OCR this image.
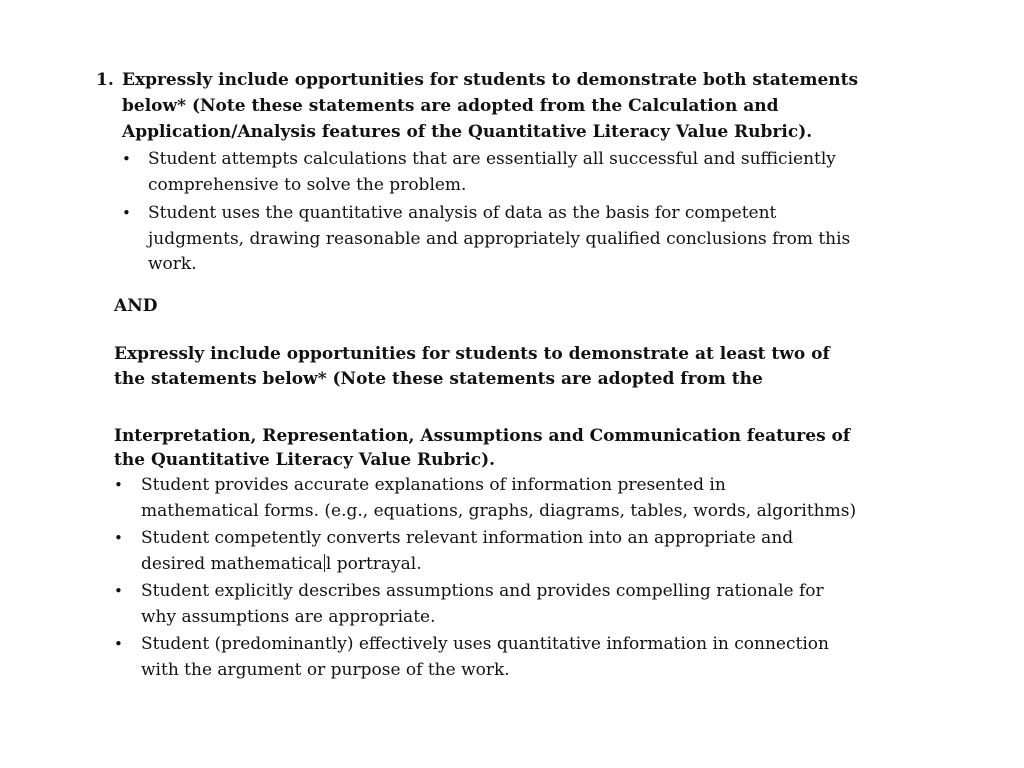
1. Expressly include opportunities for students to demonstrate both statements
below* (Note these statements are adopted from the Calculation and
Application/Analysis features of the Quantitative Literacy Value Rubric).
• Student attempts calculations that are essentially all successful and sufficiently
comprehensive to solve the problem.
• Student uses the quantitative analysis of data as the basis for competent
judgments, drawing reasonable and appropriately qualified conclusions from this
work.
AND
Expressly include opportunities for students to demonstrate at least two of
the statements below* (Note these statements are adopted from the
Interpretation, Representation, Assumptions and Communication features of
the Quantitative Literacy Value Rubric).
• Student provides accurate explanations of information presented in
mathematical forms. (e.g., equations, graphs, diagrams, tables, words, algorithms)
• Student competently converts relevant information into an appropriate and
desired mathematica l portrayal.
• Student explicitly describes assumptions and provides compelling rationale for
why assumptions are appropriate.
• Student (predominantly) effectively uses quantitative information in connection
with the argument or purpose of the work.
